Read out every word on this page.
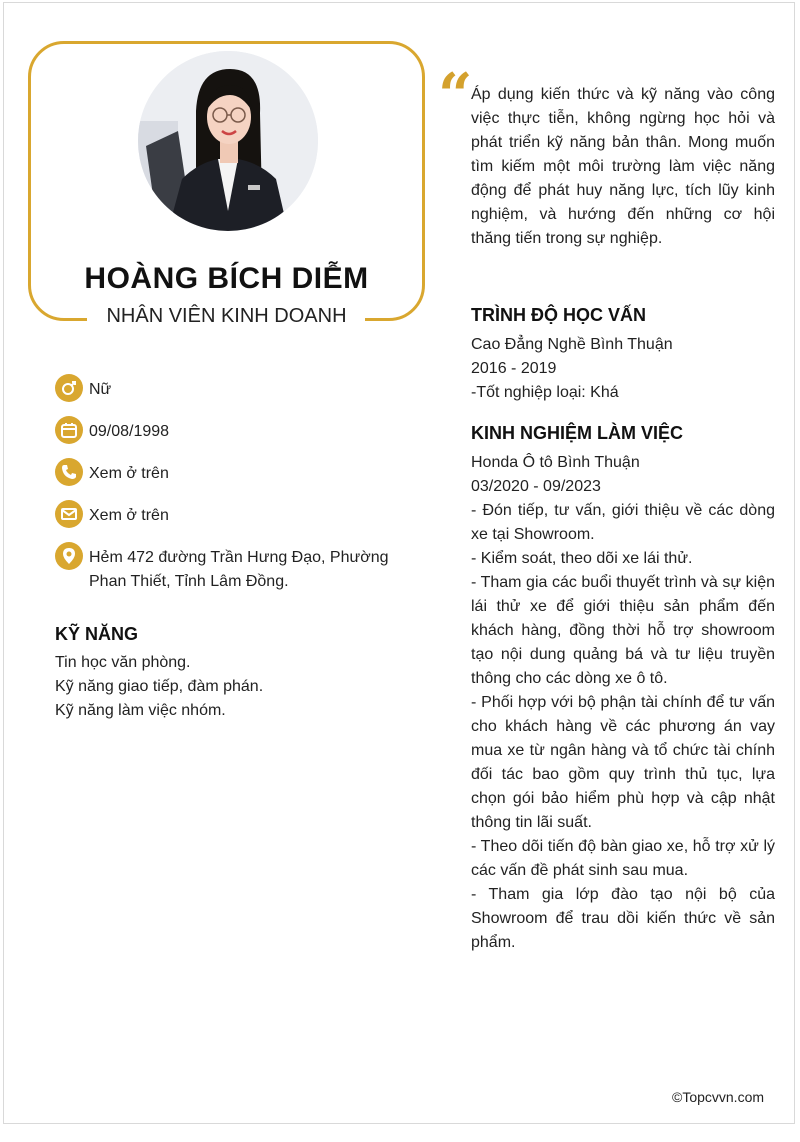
HOÀNG BÍCH DIỄM
NHÂN VIÊN KINH DOANH
Nữ
09/08/1998
Xem ở trên
Xem ở trên
Hẻm 472 đường Trần Hưng Đạo, Phường Phan Thiết, Tỉnh Lâm Đồng.
KỸ NĂNG
Tin học văn phòng.
Kỹ năng giao tiếp, đàm phán.
Kỹ năng làm việc nhóm.
“
Áp dụng kiến thức và kỹ năng vào công việc thực tiễn, không ngừng học hỏi và phát triển kỹ năng bản thân. Mong muốn tìm kiếm một môi trường làm việc năng động để phát huy năng lực, tích lũy kinh nghiệm, và hướng đến những cơ hội thăng tiến trong sự nghiệp.
TRÌNH ĐỘ HỌC VẤN
Cao Đẳng Nghề Bình Thuận
2016 - 2019
-Tốt nghiệp loại: Khá
KINH NGHIỆM LÀM VIỆC
Honda Ô tô Bình Thuận
03/2020 - 09/2023
- Đón tiếp, tư vấn, giới thiệu về các dòng xe tại Showroom.
- Kiểm soát, theo dõi xe lái thử.
- Tham gia các buổi thuyết trình và sự kiện lái thử xe để giới thiệu sản phẩm đến khách hàng, đồng thời hỗ trợ showroom tạo nội dung quảng bá và tư liệu truyền thông cho các dòng xe ô tô.
- Phối hợp với bộ phận tài chính để tư vấn cho khách hàng về các phương án vay mua xe từ ngân hàng và tổ chức tài chính đối tác bao gồm quy trình thủ tục, lựa chọn gói bảo hiểm phù hợp và cập nhật thông tin lãi suất.
- Theo dõi tiến độ bàn giao xe, hỗ trợ xử lý các vấn đề phát sinh sau mua.
- Tham gia lớp đào tạo nội bộ của Showroom để trau dồi kiến thức về sản phẩm.
©Topcvvn.com
